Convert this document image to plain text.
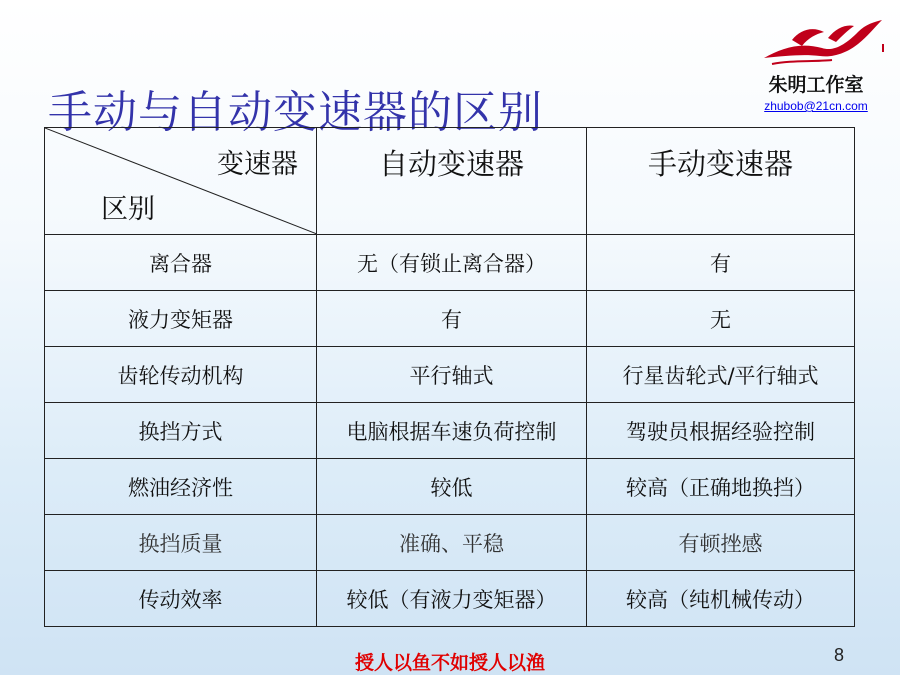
手动与自动变速器的区别
朱明工作室
zhubob@21cn.com
变速器
区别	自动变速器	手动变速器
离合器	无（有锁止离合器）	有
液力变矩器	有	无
齿轮传动机构	平行轴式	行星齿轮式/平行轴式
换挡方式	电脑根据车速负荷控制	驾驶员根据经验控制
燃油经济性	较低	较高（正确地换挡）
换挡质量	准确、平稳	有顿挫感
传动效率	较低（有液力变矩器）	较高（纯机械传动）
授人以鱼不如授人以渔	8
